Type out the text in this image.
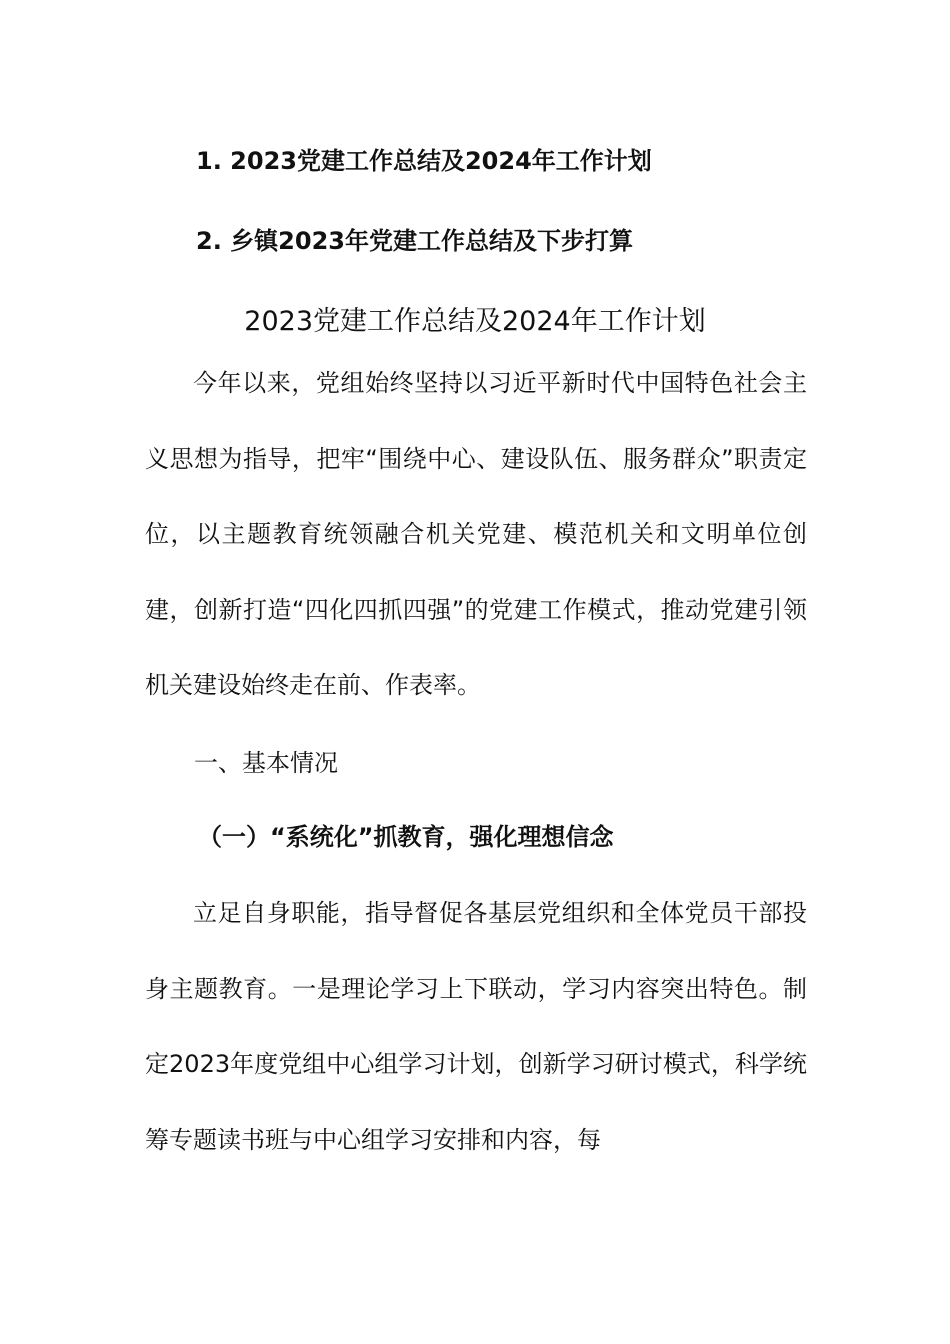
1. 2023党建工作总结及2024年工作计划
2. 乡镇2023年党建工作总结及下步打算
2023党建工作总结及2024年工作计划

今年以来，党组始终坚持以习近平新时代中国特色社会主义思想为指导，把牢“围绕中心、建设队伍、服务群众”职责定位，以主题教育统领融合机关党建、模范机关和文明单位创建，创新打造“四化四抓四强”的党建工作模式，推动党建引领机关建设始终走在前、作表率。

一、基本情况
（一）“系统化”抓教育，强化理想信念

立足自身职能，指导督促各基层党组织和全体党员干部投身主题教育。一是理论学习上下联动，学习内容突出特色。制定2023年度党组中心组学习计划，创新学习研讨模式，科学统筹专题读书班与中心组学习安排和内容，每
